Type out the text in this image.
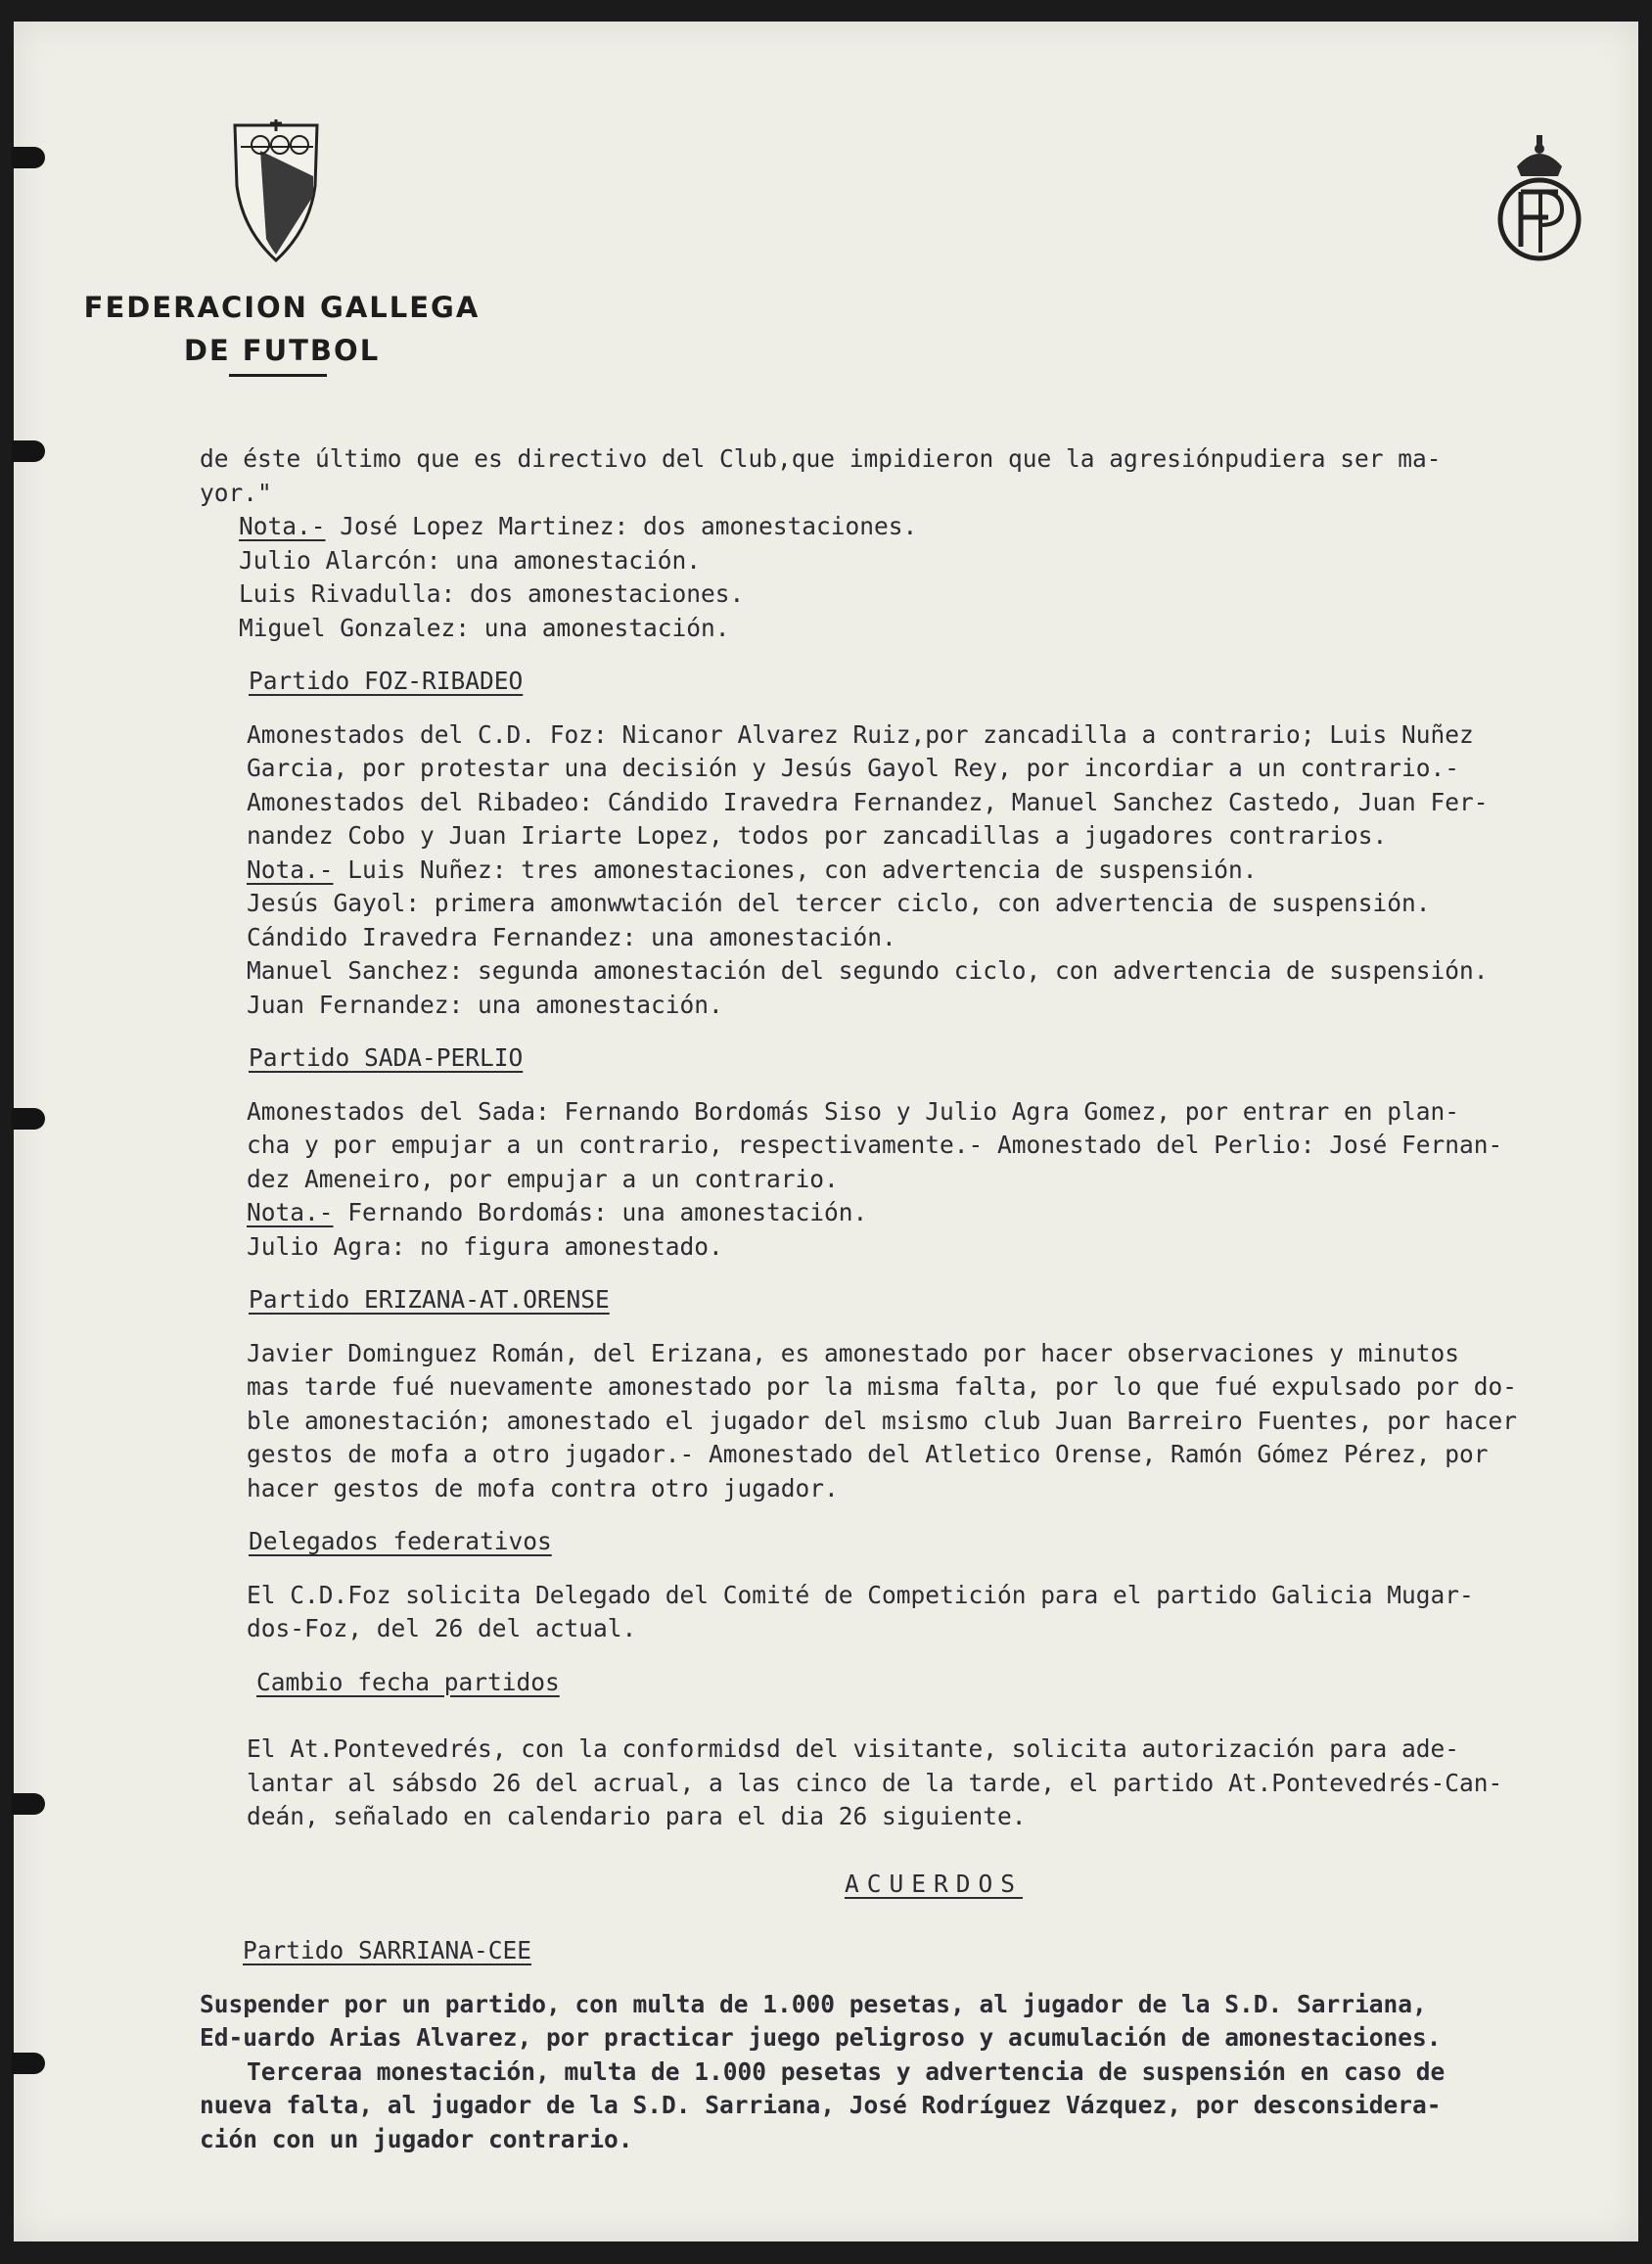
FEDERACION GALLEGA
DE FUTBOL

de éste último que es directivo del Club,que impidieron que la agresiónpudiera ser ma-

yor."

Nota.- José Lopez Martinez: dos amonestaciones.

Julio Alarcón: una amonestación.

Luis Rivadulla: dos amonestaciones.

Miguel Gonzalez: una amonestación.

Partido FOZ-RIBADEO

Amonestados del C.D. Foz: Nicanor Alvarez Ruiz,por zancadilla a contrario; Luis Nuñez

Garcia, por protestar una decisión y Jesús Gayol Rey, por incordiar a un contrario.-

Amonestados del Ribadeo: Cándido Iravedra Fernandez, Manuel Sanchez Castedo, Juan Fer-

nandez Cobo y Juan Iriarte Lopez, todos por zancadillas a jugadores contrarios.

Nota.- Luis Nuñez: tres amonestaciones, con advertencia de suspensión.

Jesús Gayol: primera amonwwtación del tercer ciclo, con advertencia de suspensión.

Cándido Iravedra Fernandez: una amonestación.

Manuel Sanchez: segunda amonestación del segundo ciclo, con advertencia de suspensión.

Juan Fernandez: una amonestación.

Partido SADA-PERLIO

Amonestados del Sada: Fernando Bordomás Siso y Julio Agra Gomez, por entrar en plan-

cha y por empujar a un contrario, respectivamente.- Amonestado del Perlio: José Fernan-

dez Ameneiro, por empujar a un contrario.

Nota.- Fernando Bordomás: una amonestación.

Julio Agra: no figura amonestado.

Partido ERIZANA-AT.ORENSE

Javier Dominguez Román, del Erizana, es amonestado por hacer observaciones y minutos

mas tarde fué nuevamente amonestado por la misma falta, por lo que fué expulsado por do-

ble amonestación; amonestado el jugador del msismo club Juan Barreiro Fuentes, por hacer

gestos de mofa a otro jugador.- Amonestado del Atletico Orense, Ramón Gómez Pérez, por

hacer gestos de mofa contra otro jugador.

Delegados federativos

El C.D.Foz solicita Delegado del Comité de Competición para el partido Galicia Mugar-

dos-Foz, del 26 del actual.

Cambio fecha partidos

El At.Pontevedrés, con la conformidsd del visitante, solicita autorización para ade-

lantar al sábsdo 26 del acrual, a las cinco de la tarde, el partido At.Pontevedrés-Can-

deán, señalado en calendario para el dia 26 siguiente.

ACUERDOS

Partido SARRIANA-CEE

Suspender por un partido, con multa de 1.000 pesetas, al jugador de la S.D. Sarriana,

Ed-uardo Arias Alvarez, por practicar juego peligroso y acumulación de amonestaciones.

Terceraa monestación, multa de 1.000 pesetas y advertencia de suspensión en caso de

nueva falta, al jugador de la S.D. Sarriana, José Rodríguez Vázquez, por desconsidera-

ción con un jugador contrario.
